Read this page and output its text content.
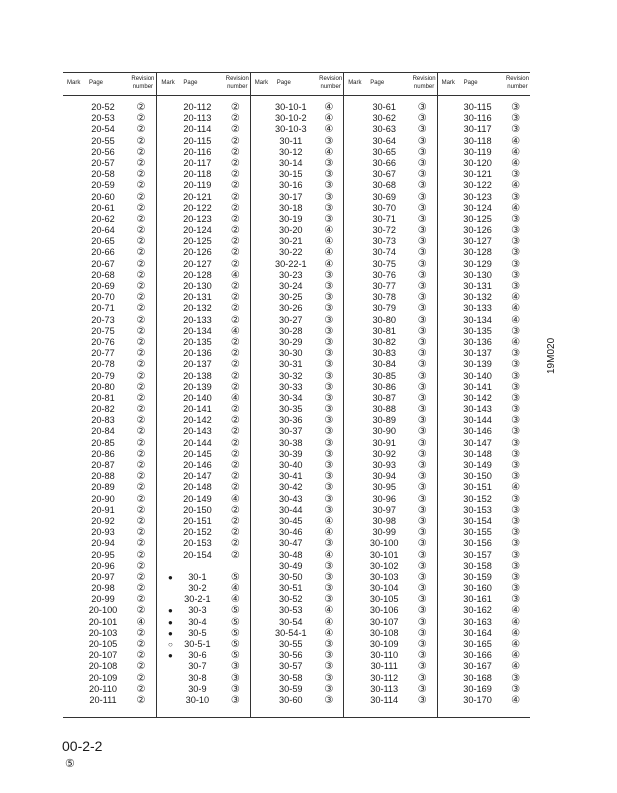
Mark Page
Revision
number
20-52	②
20-53	②
20-54	②
20-55	②
20-56	②
20-57	②
20-58	②
20-59	②
20-60	②
20-61	②
20-62	②
20-64	②
20-65	②
20-66	②
20-67	②
20-68	②
20-69	②
20-70	②
20-71	②
20-73	②
20-75	②
20-76	②
20-77	②
20-78	②
20-79	②
20-80	②
20-81	②
20-82	②
20-83	②
20-84	②
20-85	②
20-86	②
20-87	②
20-88	②
20-89	②
20-90	②
20-91	②
20-92	②
20-93	②
20-94	②
20-95	②
20-96	②
20-97	②
20-98	②
20-99	②
20-100	②
20-101	④
20-103	②
20-105	②
20-107	②
20-108	②
20-109	②
20-110	②
20-111	②
Mark Page
Revision
number
20-112	②
20-113	②
20-114	②
20-115	②
20-116	②
20-117	②
20-118	②
20-119	②
20-121	②
20-122	②
20-123	②
20-124	②
20-125	②
20-126	②
20-127	②
20-128	④
20-130	②
20-131	②
20-132	②
20-133	②
20-134	④
20-135	②
20-136	②
20-137	②
20-138	②
20-139	②
20-140	④
20-141	②
20-142	②
20-143	②
20-144	②
20-145	②
20-146	②
20-147	②
20-148	②
20-149	④
20-150	②
20-151	②
20-152	②
20-153	②
20-154	②
●	30-1	⑤
30-2	④
30-2-1	④
●	30-3	⑤
●	30-4	⑤
●	30-5	⑤
○	30-5-1	⑤
●	30-6	⑤
30-7	③
30-8	③
30-9	③
30-10	③
Mark Page
Revision
number
30-10-1	④
30-10-2	④
30-10-3	④
30-11	③
30-12	④
30-14	③
30-15	③
30-16	③
30-17	③
30-18	③
30-19	③
30-20	④
30-21	④
30-22	④
30-22-1	④
30-23	③
30-24	③
30-25	③
30-26	③
30-27	③
30-28	③
30-29	③
30-30	③
30-31	③
30-32	③
30-33	③
30-34	③
30-35	③
30-36	③
30-37	③
30-38	③
30-39	③
30-40	③
30-41	③
30-42	③
30-43	③
30-44	③
30-45	④
30-46	④
30-47	③
30-48	④
30-49	③
30-50	③
30-51	③
30-52	③
30-53	④
30-54	④
30-54-1	④
30-55	③
30-56	③
30-57	③
30-58	③
30-59	③
30-60	③
Mark Page
Revision
number
30-61	③
30-62	③
30-63	③
30-64	③
30-65	③
30-66	③
30-67	③
30-68	③
30-69	③
30-70	③
30-71	③
30-72	③
30-73	③
30-74	③
30-75	③
30-76	③
30-77	③
30-78	③
30-79	③
30-80	③
30-81	③
30-82	③
30-83	③
30-84	③
30-85	③
30-86	③
30-87	③
30-88	③
30-89	③
30-90	③
30-91	③
30-92	③
30-93	③
30-94	③
30-95	③
30-96	③
30-97	③
30-98	③
30-99	③
30-100	③
30-101	③
30-102	③
30-103	③
30-104	③
30-105	③
30-106	③
30-107	③
30-108	③
30-109	③
30-110	③
30-111	③
30-112	③
30-113	③
30-114	③
Mark Page
Revision
number
30-115	③
30-116	③
30-117	③
30-118	④
30-119	④
30-120	④
30-121	③
30-122	④
30-123	③
30-124	④
30-125	③
30-126	③
30-127	③
30-128	③
30-129	③
30-130	③
30-131	③
30-132	④
30-133	④
30-134	④
30-135	③
30-136	④
30-137	③
30-139	③
30-140	③
30-141	③
30-142	③
30-143	③
30-144	③
30-146	③
30-147	③
30-148	③
30-149	③
30-150	③
30-151	④
30-152	③
30-153	③
30-154	③
30-155	③
30-156	③
30-157	③
30-158	③
30-159	③
30-160	③
30-161	③
30-162	④
30-163	④
30-164	④
30-165	④
30-166	④
30-167	④
30-168	③
30-169	③
30-170	④
19M020
00-2-2
⑤
